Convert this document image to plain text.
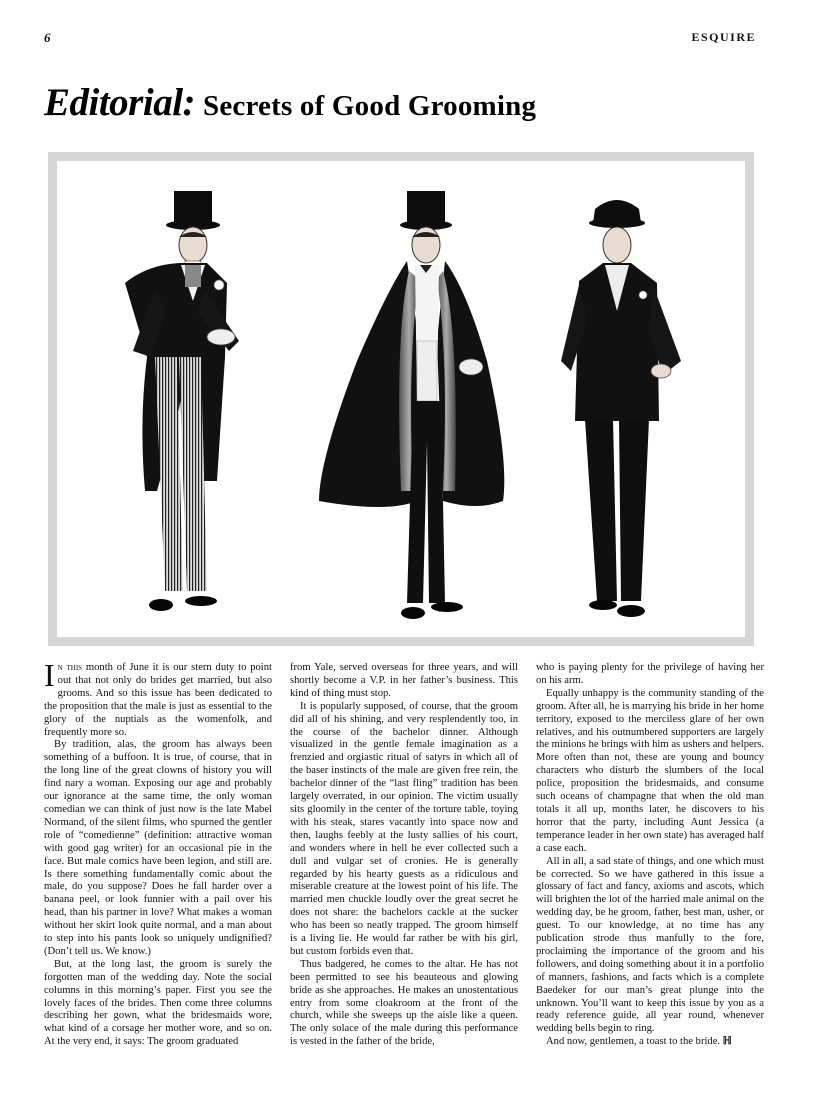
6	ESQUIRE
Editorial: Secrets of Good Grooming

In this month of June it is our stern duty to point out that not only do brides get married, but also grooms. And so this issue has been dedicated to the proposition that the male is just as essential to the glory of the nuptials as the womenfolk, and frequently more so.

By tradition, alas, the groom has always been something of a buffoon. It is true, of course, that in the long line of the great clowns of history you will find nary a woman. Exposing our age and probably our ignorance at the same time, the only woman comedian we can think of just now is the late Mabel Normand, of the silent films, who spurned the gentler role of “comedienne” (definition: attractive woman with good gag writer) for an occasional pie in the face. But male comics have been legion, and still are. Is there something fundamentally comic about the male, do you suppose? Does he fall harder over a banana peel, or look funnier with a pail over his head, than his partner in love? What makes a woman without her skirt look quite normal, and a man about to step into his pants look so uniquely undignified? (Don’t tell us. We know.)

But, at the long last, the groom is surely the forgotten man of the wedding day. Note the social columns in this morning’s paper. First you see the lovely faces of the brides. Then come three columns describing her gown, what the bridesmaids wore, what kind of a corsage her mother wore, and so on. At the very end, it says: The groom graduated

from Yale, served overseas for three years, and will shortly become a V.P. in her father’s business. This kind of thing must stop.

It is popularly supposed, of course, that the groom did all of his shining, and very resplendently too, in the course of the bachelor dinner. Although visualized in the gentle female imagination as a frenzied and orgiastic ritual of satyrs in which all of the baser instincts of the male are given free rein, the bachelor dinner of the “last fling” tradition has been largely overrated, in our opinion. The victim usually sits gloomily in the center of the torture table, toying with his steak, stares vacantly into space now and then, laughs feebly at the lusty sallies of his court, and wonders where in hell he ever collected such a dull and vulgar set of cronies. He is generally regarded by his hearty guests as a ridiculous and miserable creature at the lowest point of his life. The married men chuckle loudly over the great secret he does not share: the bachelors cackle at the sucker who has been so neatly trapped. The groom himself is a living lie. He would far rather be with his girl, but custom forbids even that.

Thus badgered, he comes to the altar. He has not been permitted to see his beauteous and glowing bride as she approaches. He makes an unostentatious entry from some cloakroom at the front of the church, while she sweeps up the aisle like a queen. The only solace of the male during this performance is vested in the father of the bride,

who is paying plenty for the privilege of having her on his arm.

Equally unhappy is the community standing of the groom. After all, he is marrying his bride in her home territory, exposed to the merciless glare of her own relatives, and his outnumbered supporters are largely the minions he brings with him as ushers and helpers. More often than not, these are young and bouncy characters who disturb the slumbers of the local police, proposition the bridesmaids, and consume such oceans of champagne that when the old man totals it all up, months later, he discovers to his horror that the party, including Aunt Jessica (a temperance leader in her own state) has averaged half a case each.

All in all, a sad state of things, and one which must be corrected. So we have gathered in this issue a glossary of fact and fancy, axioms and ascots, which will brighten the lot of the harried male animal on the wedding day, be he groom, father, best man, usher, or guest. To our knowledge, at no time has any publication strode thus manfully to the fore, proclaiming the importance of the groom and his followers, and doing something about it in a portfolio of manners, fashions, and facts which is a complete Baedeker for our man’s great plunge into the unknown. You’ll want to keep this issue by you as a ready reference guide, all year round, whenever wedding bells begin to ring.

And now, gentlemen, a toast to the bride. ℍ
